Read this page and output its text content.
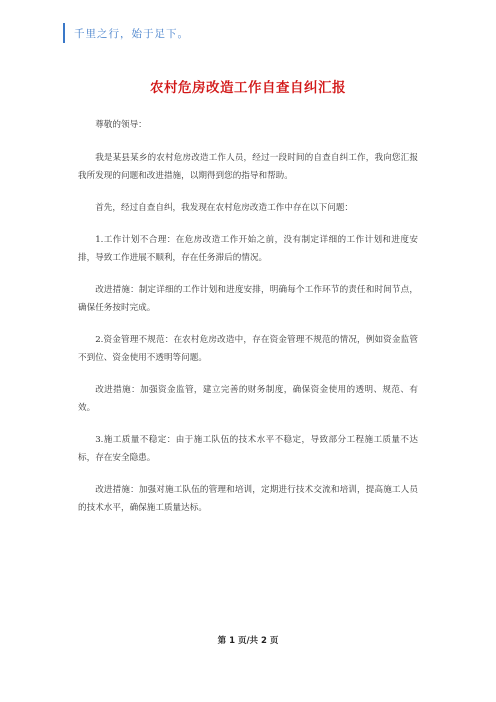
千里之行，始于足下。
农村危房改造工作自查自纠汇报

尊敬的领导：

我是某县某乡的农村危房改造工作人员，经过一段时间的自查自纠工作，我向您汇报我所发现的问题和改进措施，以期得到您的指导和帮助。

首先，经过自查自纠，我发现在农村危房改造工作中存在以下问题：

1.工作计划不合理：在危房改造工作开始之前，没有制定详细的工作计划和进度安排，导致工作进展不顺利，存在任务滞后的情况。

改进措施：制定详细的工作计划和进度安排，明确每个工作环节的责任和时间节点，确保任务按时完成。

2.资金管理不规范：在农村危房改造中，存在资金管理不规范的情况，例如资金监管不到位、资金使用不透明等问题。

改进措施：加强资金监管，建立完善的财务制度，确保资金使用的透明、规范、有效。

3.施工质量不稳定：由于施工队伍的技术水平不稳定，导致部分工程施工质量不达标，存在安全隐患。

改进措施：加强对施工队伍的管理和培训，定期进行技术交流和培训，提高施工人员的技术水平，确保施工质量达标。

第 1 页/共 2 页
